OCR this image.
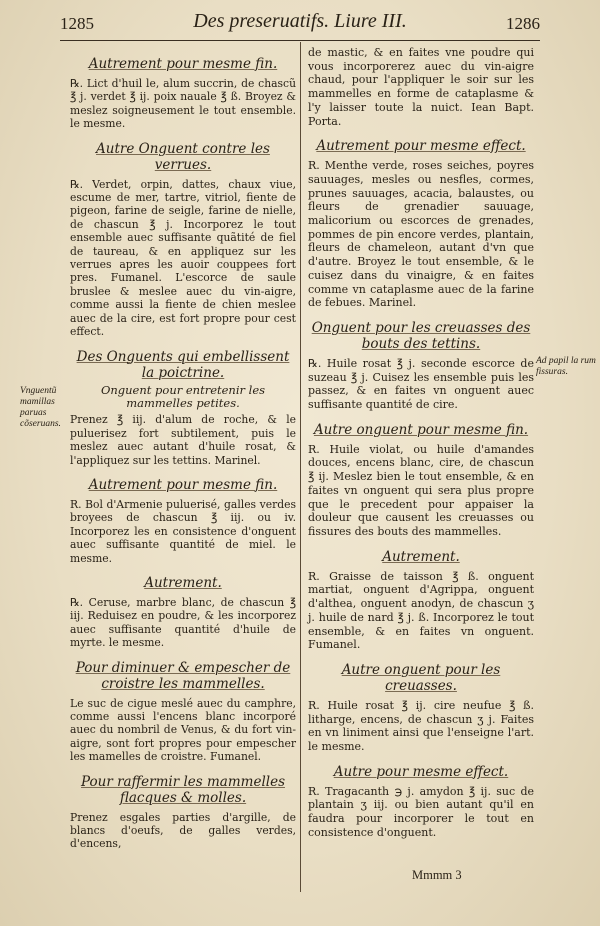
1285	Des preseruatifs. Liure III.	1286
Vnguentũ mamillas paruas cõseruans.
Ad papil la rum fissuras.
Autrement pour mesme fin.

℞. Lict d'huil le, alum succrin, de chascũ ℥ j. verdet ℥ ij. poix nauale ℥ ß. Broyez & meslez soigneusement le tout ensemble. le mesme.

Autre Onguent contre les verrues.

℞. Verdet, orpin, dattes, chaux viue, escume de mer, tartre, vitriol, fiente de pigeon, farine de seigle, farine de nielle, de chascun ℥ j. Incorporez le tout ensemble auec suffisante quãtité de fiel de taureau, & en appliquez sur les verrues apres les auoir couppees fort pres. Fumanel. L'escorce de saule bruslee & meslee auec du vin-aigre, comme aussi la fiente de chien meslee auec de la cire, est fort propre pour cest effect.

Des Onguents qui embellissent la poictrine.
Onguent pour entretenir les mammelles petites.

Prenez ℥ iij. d'alum de roche, & le puluerisez fort subtilement, puis le meslez auec autant d'huile rosat, & l'appliquez sur les tettins. Marinel.

Autrement pour mesme fin.

R. Bol d'Armenie puluerisé, galles verdes broyees de chascun ℥ iij. ou iv. Incorporez les en consistence d'onguent auec suffisante quantité de miel. le mesme.

Autrement.

℞. Ceruse, marbre blanc, de chascun ℥ iij. Reduisez en poudre, & les incorporez auec suffisante quantité d'huile de myrte. le mesme.

Pour diminuer & empescher de croistre les mammelles.

Le suc de cigue meslé auec du camphre, comme aussi l'encens blanc incorporé auec du nombril de Venus, & du fort vin-aigre, sont fort propres pour empescher les mamelles de croistre. Fumanel.

Pour raffermir les mammelles flacques & molles.

Prenez esgales parties d'argille, de blancs d'oeufs, de galles verdes, d'encens,

de mastic, & en faites vne poudre qui vous incorporerez auec du vin-aigre chaud, pour l'appliquer le soir sur les mammelles en forme de cataplasme & l'y laisser toute la nuict. Iean Bapt. Porta.

Autrement pour mesme effect.

R. Menthe verde, roses seiches, poyres sauuages, mesles ou nesfles, cormes, prunes sauuages, acacia, balaustes, ou fleurs de grenadier sauuage, malicorium ou escorces de grenades, pommes de pin encore verdes, plantain, fleurs de chameleon, autant d'vn que d'autre. Broyez le tout ensemble, & le cuisez dans du vinaigre, & en faites comme vn cataplasme auec de la farine de febues. Marinel.

Onguent pour les creuasses des bouts des tettins.

℞. Huile rosat ℥ j. seconde escorce de suzeau ℥ j. Cuisez les ensemble puis les passez, & en faites vn onguent auec suffisante quantité de cire.

Autre onguent pour mesme fin.

R. Huile violat, ou huile d'amandes douces, encens blanc, cire, de chascun ℥ ij. Meslez bien le tout ensemble, & en faites vn onguent qui sera plus propre que le precedent pour appaiser la douleur que causent les creuasses ou fissures des bouts des mammelles.

Autrement.

R. Graisse de taisson ℥ ß. onguent martiat, onguent d'Agrippa, onguent d'althea, onguent anodyn, de chascun ʒ j. huile de nard ℥ j. ß. Incorporez le tout ensemble, & en faites vn onguent. Fumanel.

Autre onguent pour les creuasses.

R. Huile rosat ℥ ij. cire neufue ℥ ß. litharge, encens, de chascun ʒ j. Faites en vn liniment ainsi que l'enseigne l'art. le mesme.

Autre pour mesme effect.

R. Tragacanth ℈ j. amydon ℥ ij. suc de plantain ʒ iij. ou bien autant qu'il en faudra pour incorporer le tout en consistence d'onguent.

Mmmm 3
